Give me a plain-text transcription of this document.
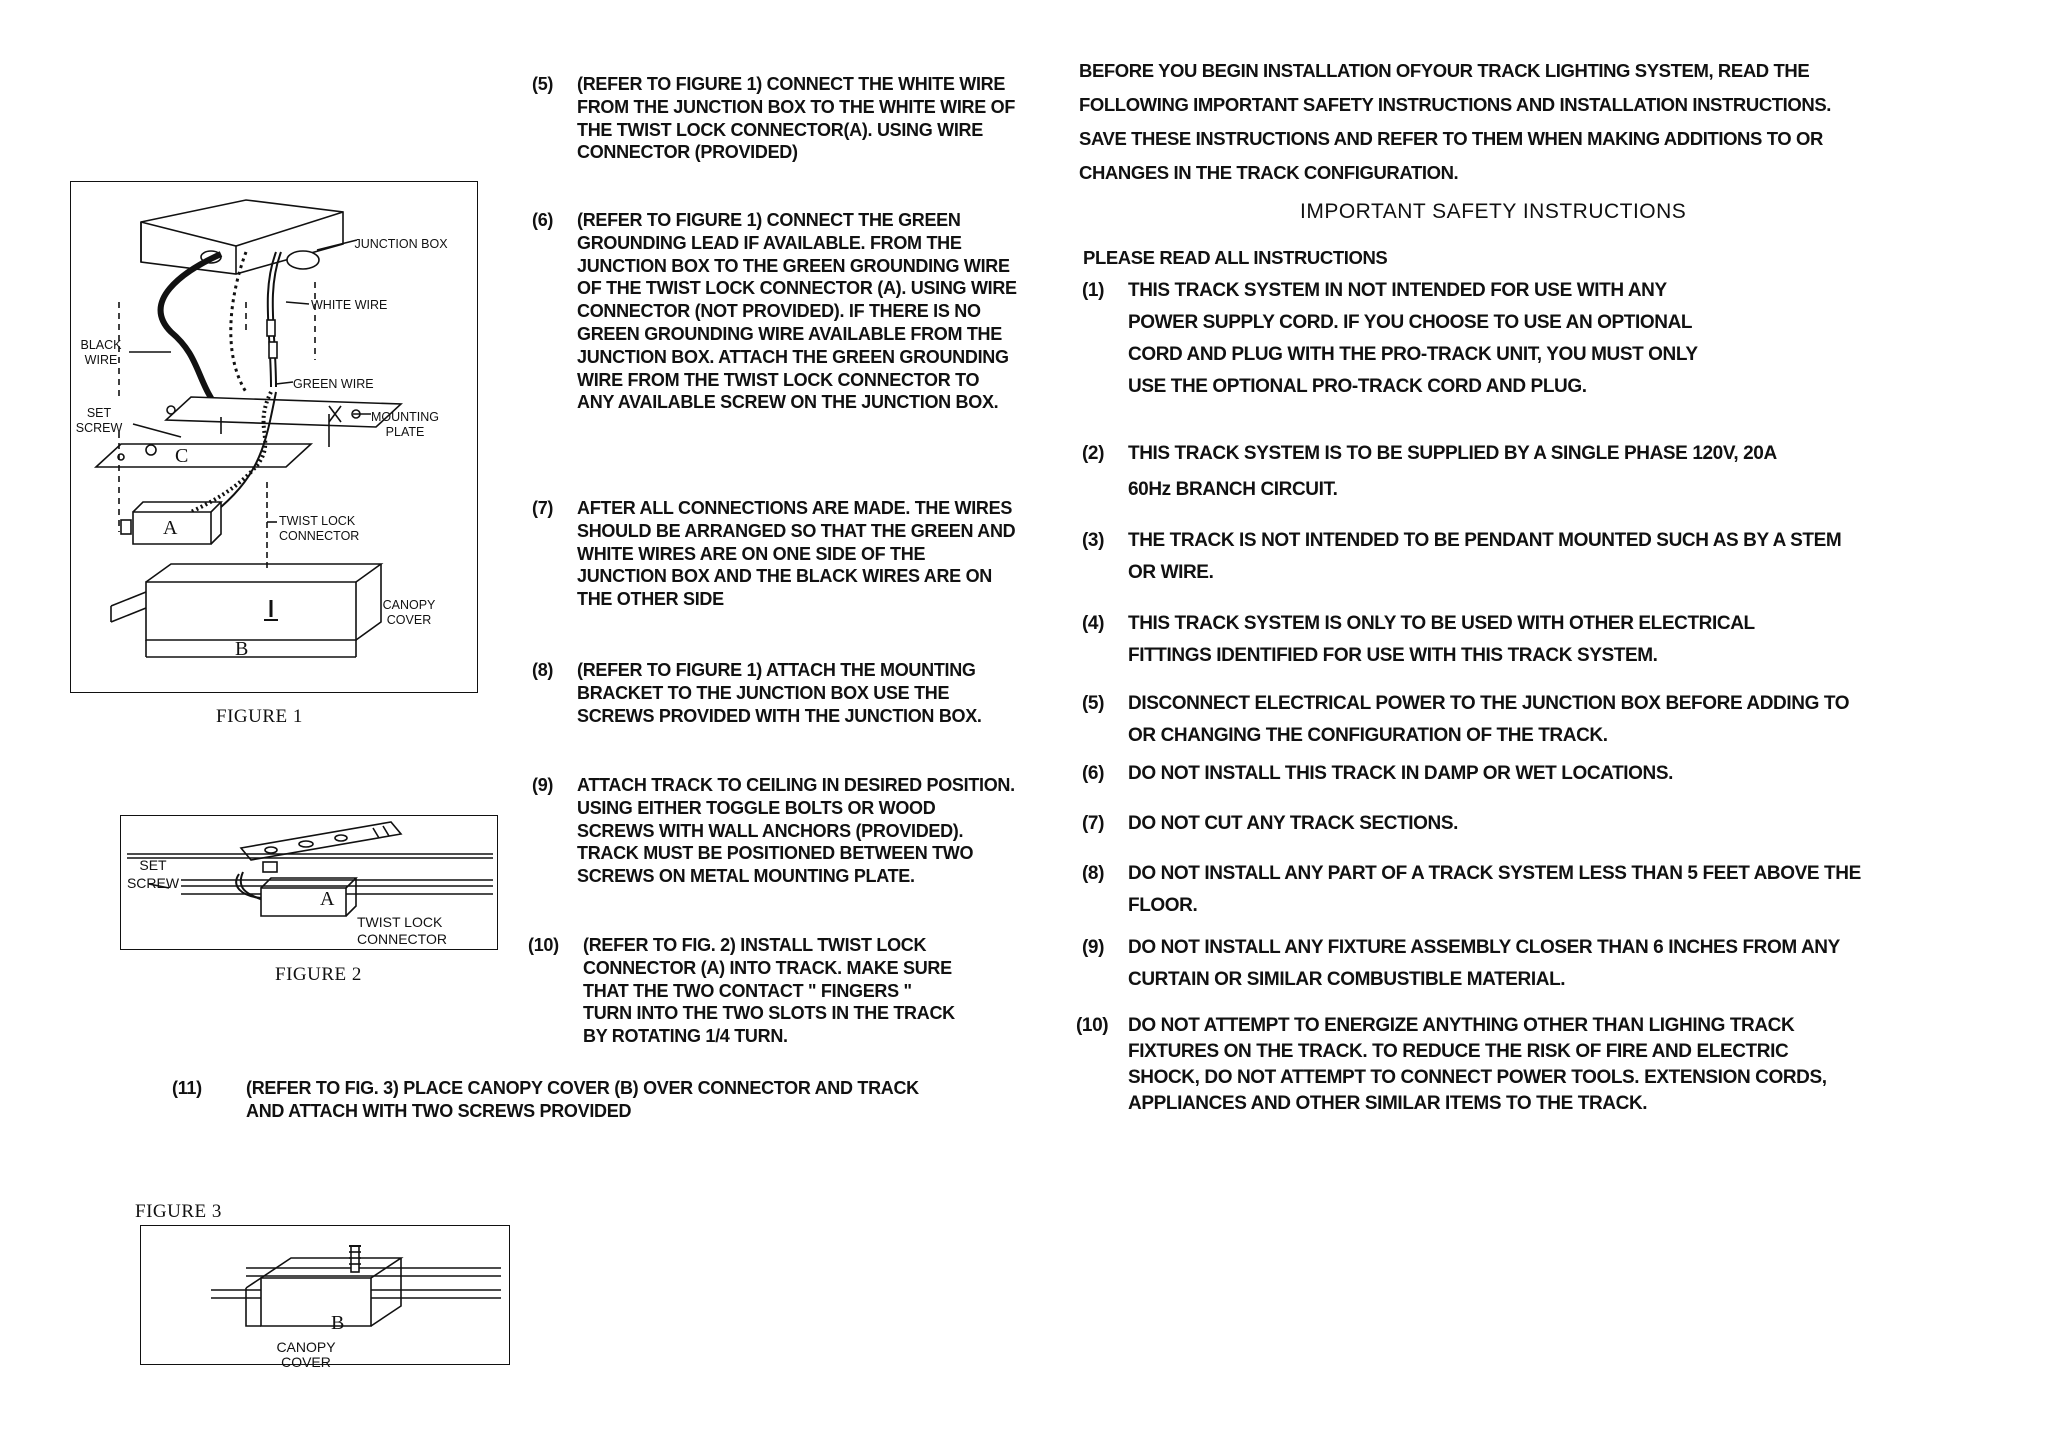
JUNCTION BOX
WHITE WIRE
BLACK WIRE
GREEN WIRE
SET SCREW
MOUNTING PLATE
TWIST LOCK CONNECTOR
CANOPY COVER
A
B
C
FIGURE 1
SET SCREW
TWIST LOCK CONNECTOR
A
FIGURE 2
FIGURE 3
B
CANOPY COVER
(5) (REFER TO FIGURE 1) CONNECT THE WHITE WIRE FROM THE JUNCTION BOX TO THE WHITE WIRE OF THE TWIST LOCK CONNECTOR(A). USING WIRE CONNECTOR (PROVIDED)
(6) (REFER TO FIGURE 1) CONNECT THE GREEN GROUNDING LEAD IF AVAILABLE. FROM THE JUNCTION BOX TO THE GREEN GROUNDING WIRE OF THE TWIST LOCK CONNECTOR (A). USING WIRE CONNECTOR (NOT PROVIDED). IF THERE IS NO GREEN GROUNDING WIRE AVAILABLE FROM THE JUNCTION BOX. ATTACH THE GREEN GROUNDING WIRE FROM THE TWIST LOCK CONNECTOR TO ANY AVAILABLE SCREW ON THE JUNCTION BOX.
(7) AFTER ALL CONNECTIONS ARE MADE. THE WIRES SHOULD BE ARRANGED SO THAT THE GREEN AND WHITE WIRES ARE ON ONE SIDE OF THE JUNCTION BOX AND THE BLACK WIRES ARE ON THE OTHER SIDE
(8) (REFER TO FIGURE 1) ATTACH THE MOUNTING BRACKET TO THE JUNCTION BOX USE THE SCREWS PROVIDED WITH THE JUNCTION BOX.
(9) ATTACH TRACK TO CEILING IN DESIRED POSITION. USING EITHER TOGGLE BOLTS OR WOOD SCREWS WITH WALL ANCHORS (PROVIDED). TRACK MUST BE POSITIONED BETWEEN TWO SCREWS ON METAL MOUNTING PLATE.
(10) (REFER TO FIG. 2) INSTALL TWIST LOCK CONNECTOR (A) INTO TRACK. MAKE SURE THAT THE TWO CONTACT " FINGERS " TURN INTO THE TWO SLOTS IN THE TRACK BY ROTATING 1/4 TURN.
(11) (REFER TO FIG. 3) PLACE CANOPY COVER (B) OVER CONNECTOR AND TRACK AND ATTACH WITH TWO SCREWS PROVIDED
BEFORE YOU BEGIN INSTALLATION OFYOUR TRACK LIGHTING SYSTEM, READ THE FOLLOWING IMPORTANT SAFETY INSTRUCTIONS AND INSTALLATION INSTRUCTIONS. SAVE THESE INSTRUCTIONS AND REFER TO THEM WHEN MAKING ADDITIONS TO OR CHANGES IN THE TRACK CONFIGURATION.
IMPORTANT SAFETY INSTRUCTIONS
PLEASE READ ALL INSTRUCTIONS
(1) THIS TRACK SYSTEM IN NOT INTENDED FOR USE WITH ANY POWER SUPPLY CORD. IF YOU CHOOSE TO USE AN OPTIONAL CORD AND PLUG WITH THE PRO-TRACK UNIT, YOU MUST ONLY USE THE OPTIONAL PRO-TRACK CORD AND PLUG.
(2) THIS TRACK SYSTEM IS TO BE SUPPLIED BY A SINGLE PHASE 120V, 20A 60Hz BRANCH CIRCUIT.
(3) THE TRACK IS NOT INTENDED TO BE PENDANT MOUNTED SUCH AS BY A STEM OR WIRE.
(4) THIS TRACK SYSTEM IS ONLY TO BE USED WITH OTHER ELECTRICAL FITTINGS IDENTIFIED FOR USE WITH THIS TRACK SYSTEM.
(5) DISCONNECT ELECTRICAL POWER TO THE JUNCTION BOX BEFORE ADDING TO OR CHANGING THE CONFIGURATION OF THE TRACK.
(6) DO NOT INSTALL THIS TRACK IN DAMP OR WET LOCATIONS.
(7) DO NOT CUT ANY TRACK SECTIONS.
(8) DO NOT INSTALL ANY PART OF A TRACK SYSTEM LESS THAN 5 FEET ABOVE THE FLOOR.
(9) DO NOT INSTALL ANY FIXTURE ASSEMBLY CLOSER THAN 6 INCHES FROM ANY CURTAIN OR SIMILAR COMBUSTIBLE MATERIAL.
(10) DO NOT ATTEMPT TO ENERGIZE ANYTHING OTHER THAN LIGHING TRACK FIXTURES ON THE TRACK. TO REDUCE THE RISK OF FIRE AND ELECTRIC SHOCK, DO NOT ATTEMPT TO CONNECT POWER TOOLS. EXTENSION CORDS, APPLIANCES AND OTHER SIMILAR ITEMS TO THE TRACK.
